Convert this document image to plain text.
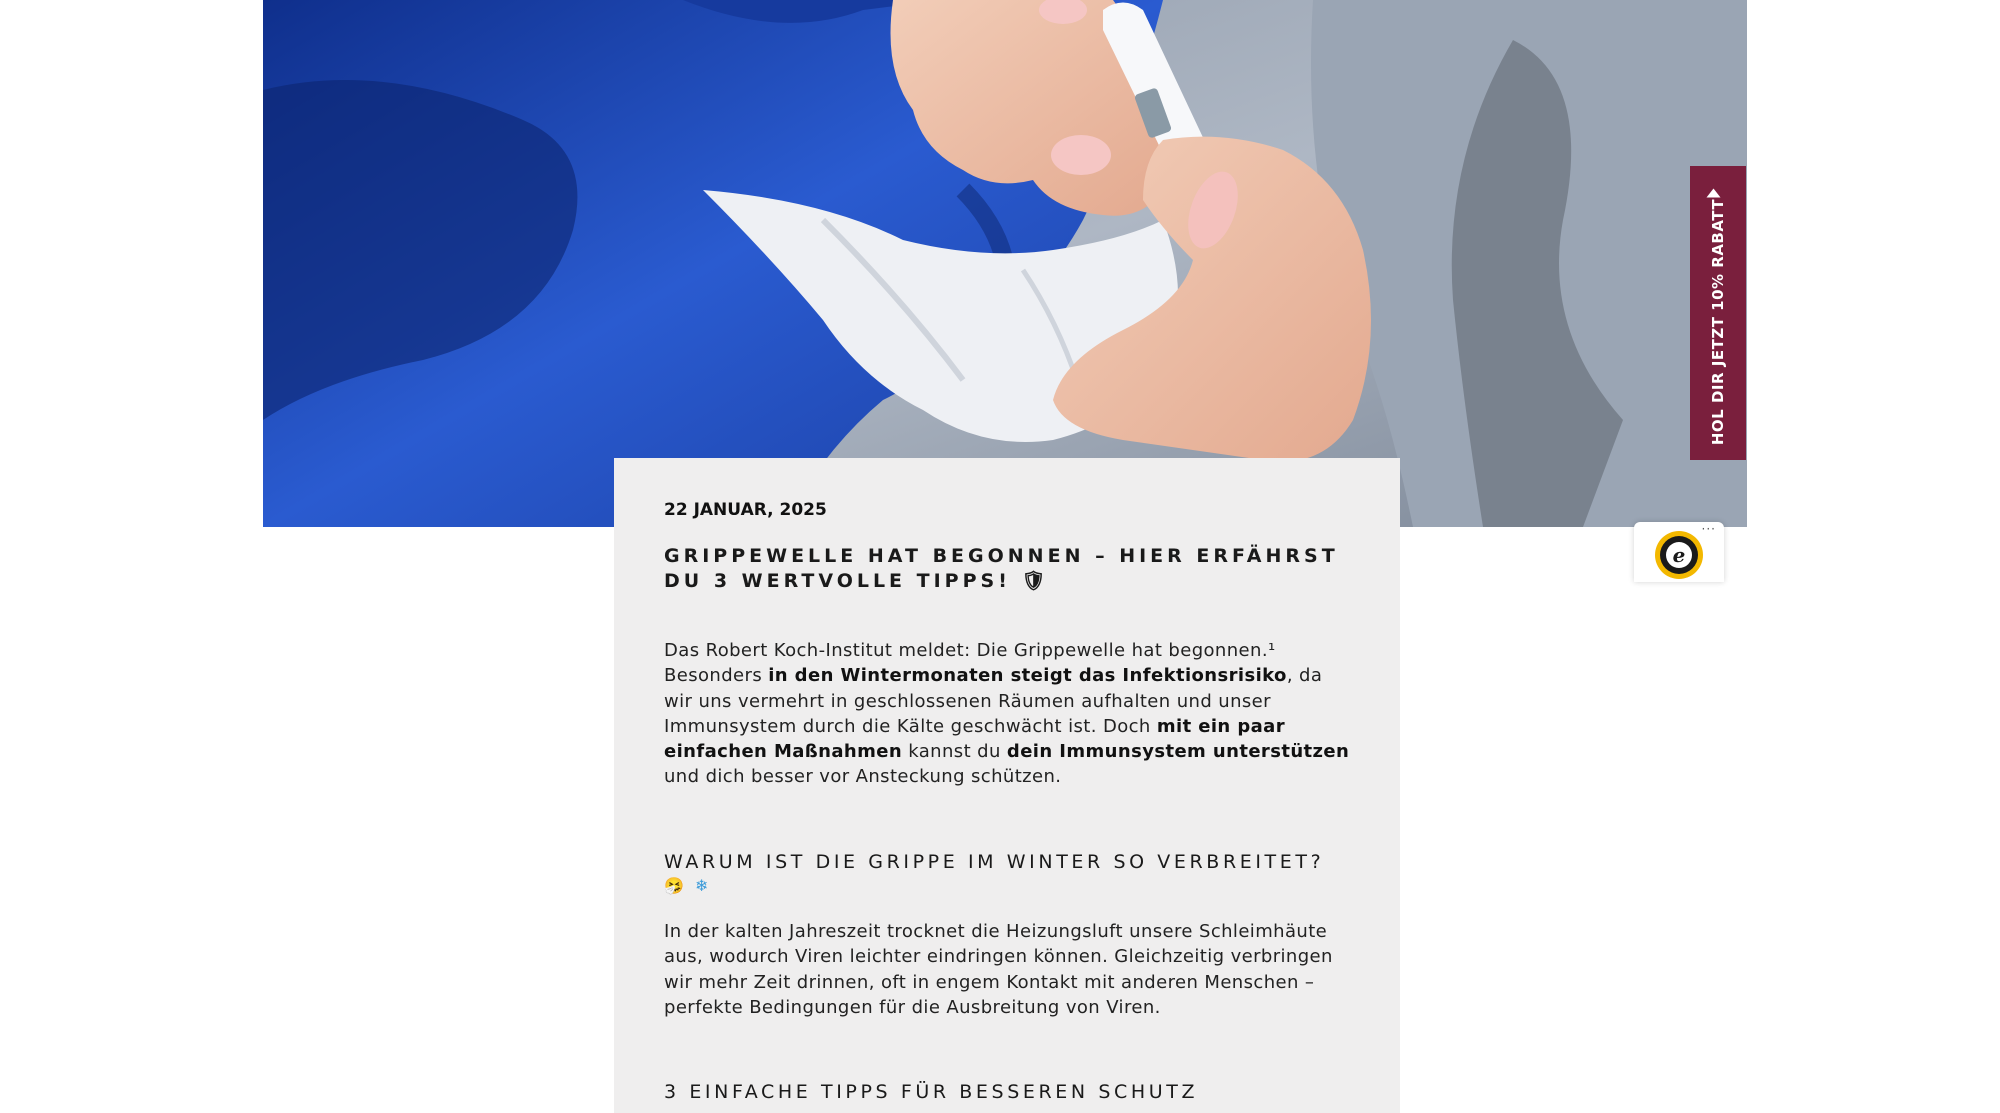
HOL DIR JETZT 10% RABATT
···
e
22 JANUAR, 2025
GRIPPEWELLE HAT BEGONNEN – HIER ERFÄHRST DU 3 WERTVOLLE TIPPS! 🛡

Das Robert Koch-Institut meldet: Die Grippewelle hat begonnen.¹ Besonders in den Wintermonaten steigt das Infektionsrisiko, da wir uns vermehrt in geschlossenen Räumen aufhalten und unser Immunsystem durch die Kälte geschwächt ist. Doch mit ein paar einfachen Maßnahmen kannst du dein Immunsystem unterstützen und dich besser vor Ansteckung schützen.

WARUM IST DIE GRIPPE IM WINTER SO VERBREITET?
🤧 ❄

In der kalten Jahreszeit trocknet die Heizungsluft unsere Schleimhäute aus, wodurch Viren leichter eindringen können. Gleichzeitig verbringen wir mehr Zeit drinnen, oft in engem Kontakt mit anderen Menschen – perfekte Bedingungen für die Ausbreitung von Viren.

3 EINFACHE TIPPS FÜR BESSEREN SCHUTZ
